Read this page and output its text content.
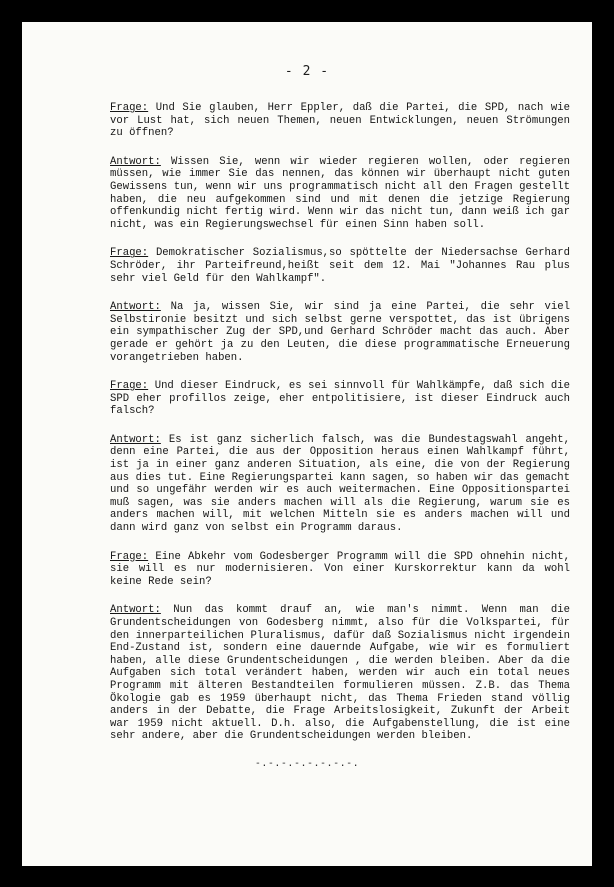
- 2 -

Frage: Und Sie glauben, Herr Eppler, daß die Partei, die SPD, nach wie vor Lust hat, sich neuen Themen, neuen Entwicklungen, neuen Strömungen zu öffnen?

Antwort: Wissen Sie, wenn wir wieder regieren wollen, oder regieren müssen, wie immer Sie das nennen, das können wir überhaupt nicht guten Gewissens tun, wenn wir uns programmatisch nicht all den Fragen gestellt haben, die neu aufgekommen sind und mit denen die jetzige Regierung offenkundig nicht fertig wird. Wenn wir das nicht tun, dann weiß ich gar nicht, was ein Regierungswechsel für einen Sinn haben soll.

Frage: Demokratischer Sozialismus,so spöttelte der Niedersachse Gerhard Schröder, ihr Parteifreund,heißt seit dem 12. Mai "Johannes Rau plus sehr viel Geld für den Wahlkampf".

Antwort: Na ja, wissen Sie, wir sind ja eine Partei, die sehr viel Selbstironie besitzt und sich selbst gerne verspottet, das ist übrigens ein sympathischer Zug der SPD,und Gerhard Schröder macht das auch. Aber gerade er gehört ja zu den Leuten, die diese programmatische Erneuerung vorangetrieben haben.

Frage: Und dieser Eindruck, es sei sinnvoll für Wahlkämpfe, daß sich die SPD eher profillos zeige, eher entpolitisiere, ist dieser Eindruck auch falsch?

Antwort: Es ist ganz sicherlich falsch, was die Bundestagswahl angeht, denn eine Partei, die aus der Opposition heraus einen Wahlkampf führt, ist ja in einer ganz anderen Situation, als eine, die von der Regierung aus dies tut. Eine Regierungspartei kann sagen, so haben wir das gemacht und so ungefähr werden wir es auch weitermachen. Eine Oppositionspartei muß sagen, was sie anders machen will als die Regierung, warum sie es anders machen will, mit welchen Mitteln sie es anders machen will und dann wird ganz von selbst ein Programm daraus.

Frage: Eine Abkehr vom Godesberger Programm will die SPD ohnehin nicht, sie will es nur modernisieren. Von einer Kurskorrektur kann da wohl keine Rede sein?

Antwort: Nun das kommt drauf an, wie man's nimmt. Wenn man die Grundentscheidungen von Godesberg nimmt, also für die Volkspartei, für den innerparteilichen Pluralismus, dafür daß Sozialismus nicht irgendein End-Zustand ist, sondern eine dauernde Aufgabe, wie wir es formuliert haben, alle diese Grundentscheidungen , die werden bleiben. Aber da die Aufgaben sich total verändert haben, werden wir auch ein total neues Programm mit älteren Bestandteilen formulieren müssen. Z.B. das Thema Ökologie gab es 1959 überhaupt nicht, das Thema Frieden stand völlig anders in der Debatte, die Frage Arbeitslosigkeit, Zukunft der Arbeit war 1959 nicht aktuell. D.h. also, die Aufgabenstellung, die ist eine sehr andere, aber die Grundentscheidungen werden bleiben.

-.-.-.-.-.-.-.-.
